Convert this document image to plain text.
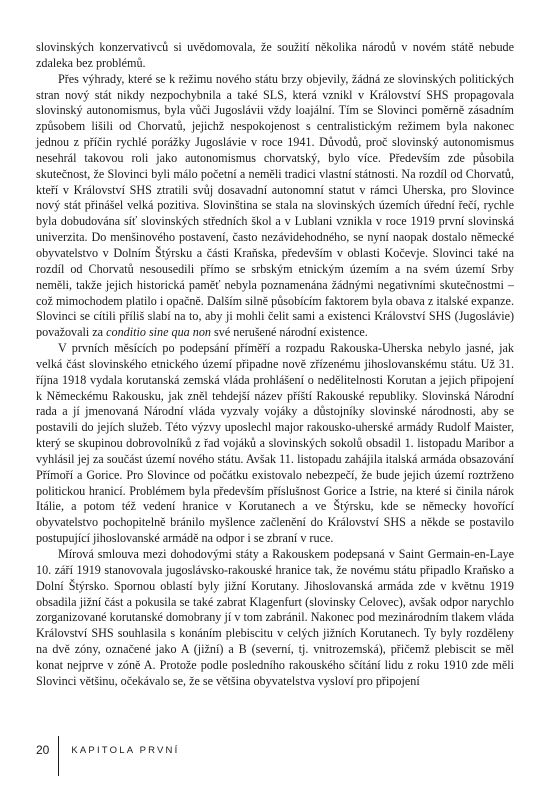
slovinských konzervativců si uvědomovala, že soužití několika národů v novém státě nebude zdaleka bez problémů.

Přes výhrady, které se k režimu nového státu brzy objevily, žádná ze slovinských politických stran nový stát nikdy nezpochybnila a také SLS, která vznikl v Království SHS propagovala slovinský autonomismus, byla vůči Jugoslávii vždy loajální. Tím se Slovinci poměrně zásadním způsobem lišili od Chorvatů, jejichž nespokojenost s centralistickým režimem byla nakonec jednou z příčin rychlé porážky Jugoslávie v roce 1941. Důvodů, proč slovinský autonomismus nesehrál takovou roli jako autonomismus chorvatský, bylo více. Především zde působila skutečnost, že Slovinci byli málo početní a neměli tradici vlastní státnosti. Na rozdíl od Chorvatů, kteří v Království SHS ztratili svůj dosavadní autonomní statut v rámci Uherska, pro Slovince nový stát přinášel velká pozitiva. Slovinština se stala na slovinských územích úřední řečí, rychle byla dobudována síť slovinských středních škol a v Lublani vznikla v roce 1919 první slovinská univerzita. Do menšinového postavení, často nezávidehodného, se nyní naopak dostalo německé obyvatelstvo v Dolním Štýrsku a části Kraňska, především v oblasti Kočevje. Slovinci také na rozdíl od Chorvatů nesousedili přímo se srbským etnickým územím a na svém území Srby neměli, takže jejich historická paměť nebyla poznamenána žádnými negativními skutečnostmi – což mimochodem platilo i opačně. Dalším silně působícím faktorem byla obava z italské expanze. Slovinci se cítili příliš slabí na to, aby ji mohli čelit sami a existenci Království SHS (Jugoslávie) považovali za conditio sine qua non své nerušené národní existence.

V prvních měsících po podepsání příměří a rozpadu Rakouska-Uherska nebylo jasné, jak velká část slovinského etnického území připadne nově zřízenému jihoslovanskému státu. Už 31. října 1918 vydala korutanská zemská vláda prohlášení o nedělitelnosti Korutan a jejich připojení k Německému Rakousku, jak zněl tehdejší název příští Rakouské republiky. Slovinská Národní rada a jí jmenovaná Národní vláda vyzvaly vojáky a důstojníky slovinské národnosti, aby se postavili do jejích služeb. Této výzvy uposlechl major rakousko-uherské armády Rudolf Maister, který se skupinou dobrovolníků z řad vojáků a slovinských sokolů obsadil 1. listopadu Maribor a vyhlásil jej za součást území nového státu. Avšak 11. listopadu zahájila italská armáda obsazování Přímoří a Gorice. Pro Slovince od počátku existovalo nebezpečí, že bude jejich území roztrženo politickou hranicí. Problémem byla především příslušnost Gorice a Istrie, na které si činila nárok Itálie, a potom též vedení hranice v Korutanech a ve Štýrsku, kde se německy hovořící obyvatelstvo pochopitelně bránilo myšlence začlenění do Království SHS a někde se postavilo postupující jihoslovanské armádě na odpor i se zbraní v ruce.

Mírová smlouva mezi dohodovými státy a Rakouskem podepsaná v Saint Germain-en-Laye 10. září 1919 stanovovala jugoslávsko-rakouské hranice tak, že novému státu připadlo Kraňsko a Dolní Štýrsko. Spornou oblastí byly jižní Korutany. Jihoslovanská armáda zde v květnu 1919 obsadila jižní část a pokusila se také zabrat Klagenfurt (slovinsky Celovec), avšak odpor narychlo zorganizované korutanské domobrany jí v tom zabránil. Nakonec pod mezinárodním tlakem vláda Království SHS souhlasila s konáním plebiscitu v celých jižních Korutanech. Ty byly rozděleny na dvě zóny, označené jako A (jižní) a B (severní, tj. vnitrozemská), přičemž plebiscit se měl konat nejprve v zóně A. Protože podle posledního rakouského sčítání lidu z roku 1910 zde měli Slovinci většinu, očekávalo se, že se většina obyvatelstva vysloví pro připojení

20 KAPITOLA PRVNÍ
